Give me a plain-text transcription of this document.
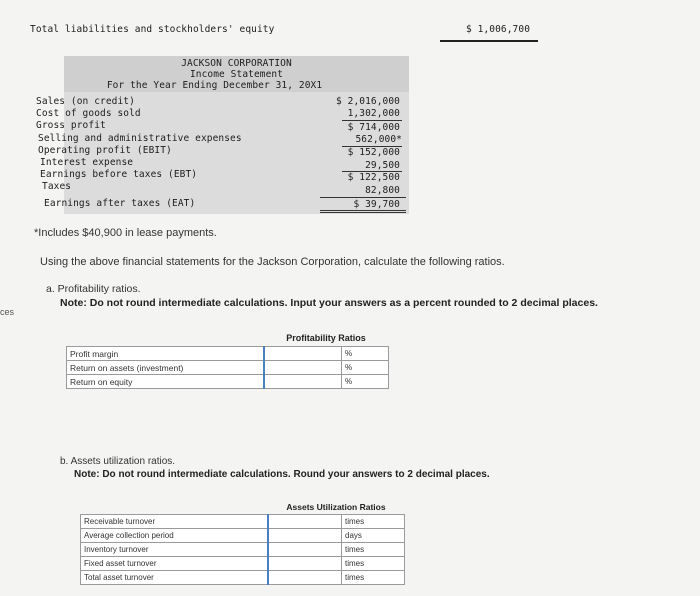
Total liabilities and stockholders' equity	$ 1,006,700
JACKSON CORPORATION
Income Statement
For the Year Ending December 31, 20X1
Sales (on credit)	$ 2,016,000
Cost of goods sold	1,302,000
Gross profit	$ 714,000
Selling and administrative expenses	562,000*
Operating profit (EBIT)	$ 152,000
Interest expense	29,500
Earnings before taxes (EBT)	$ 122,500
Taxes	82,800
Earnings after taxes (EAT)	$ 39,700
*Includes $40,900 in lease payments.
Using the above financial statements for the Jackson Corporation, calculate the following ratios.
a. Profitability ratios.
Note: Do not round intermediate calculations. Input your answers as a percent rounded to 2 decimal places.
ces
Profitability Ratios
Profit margin		%
Return on assets (investment)		%
Return on equity		%
b. Assets utilization ratios.
Note: Do not round intermediate calculations. Round your answers to 2 decimal places.
Assets Utilization Ratios
Receivable turnover		times
Average collection period		days
Inventory turnover		times
Fixed asset turnover		times
Total asset turnover		times
